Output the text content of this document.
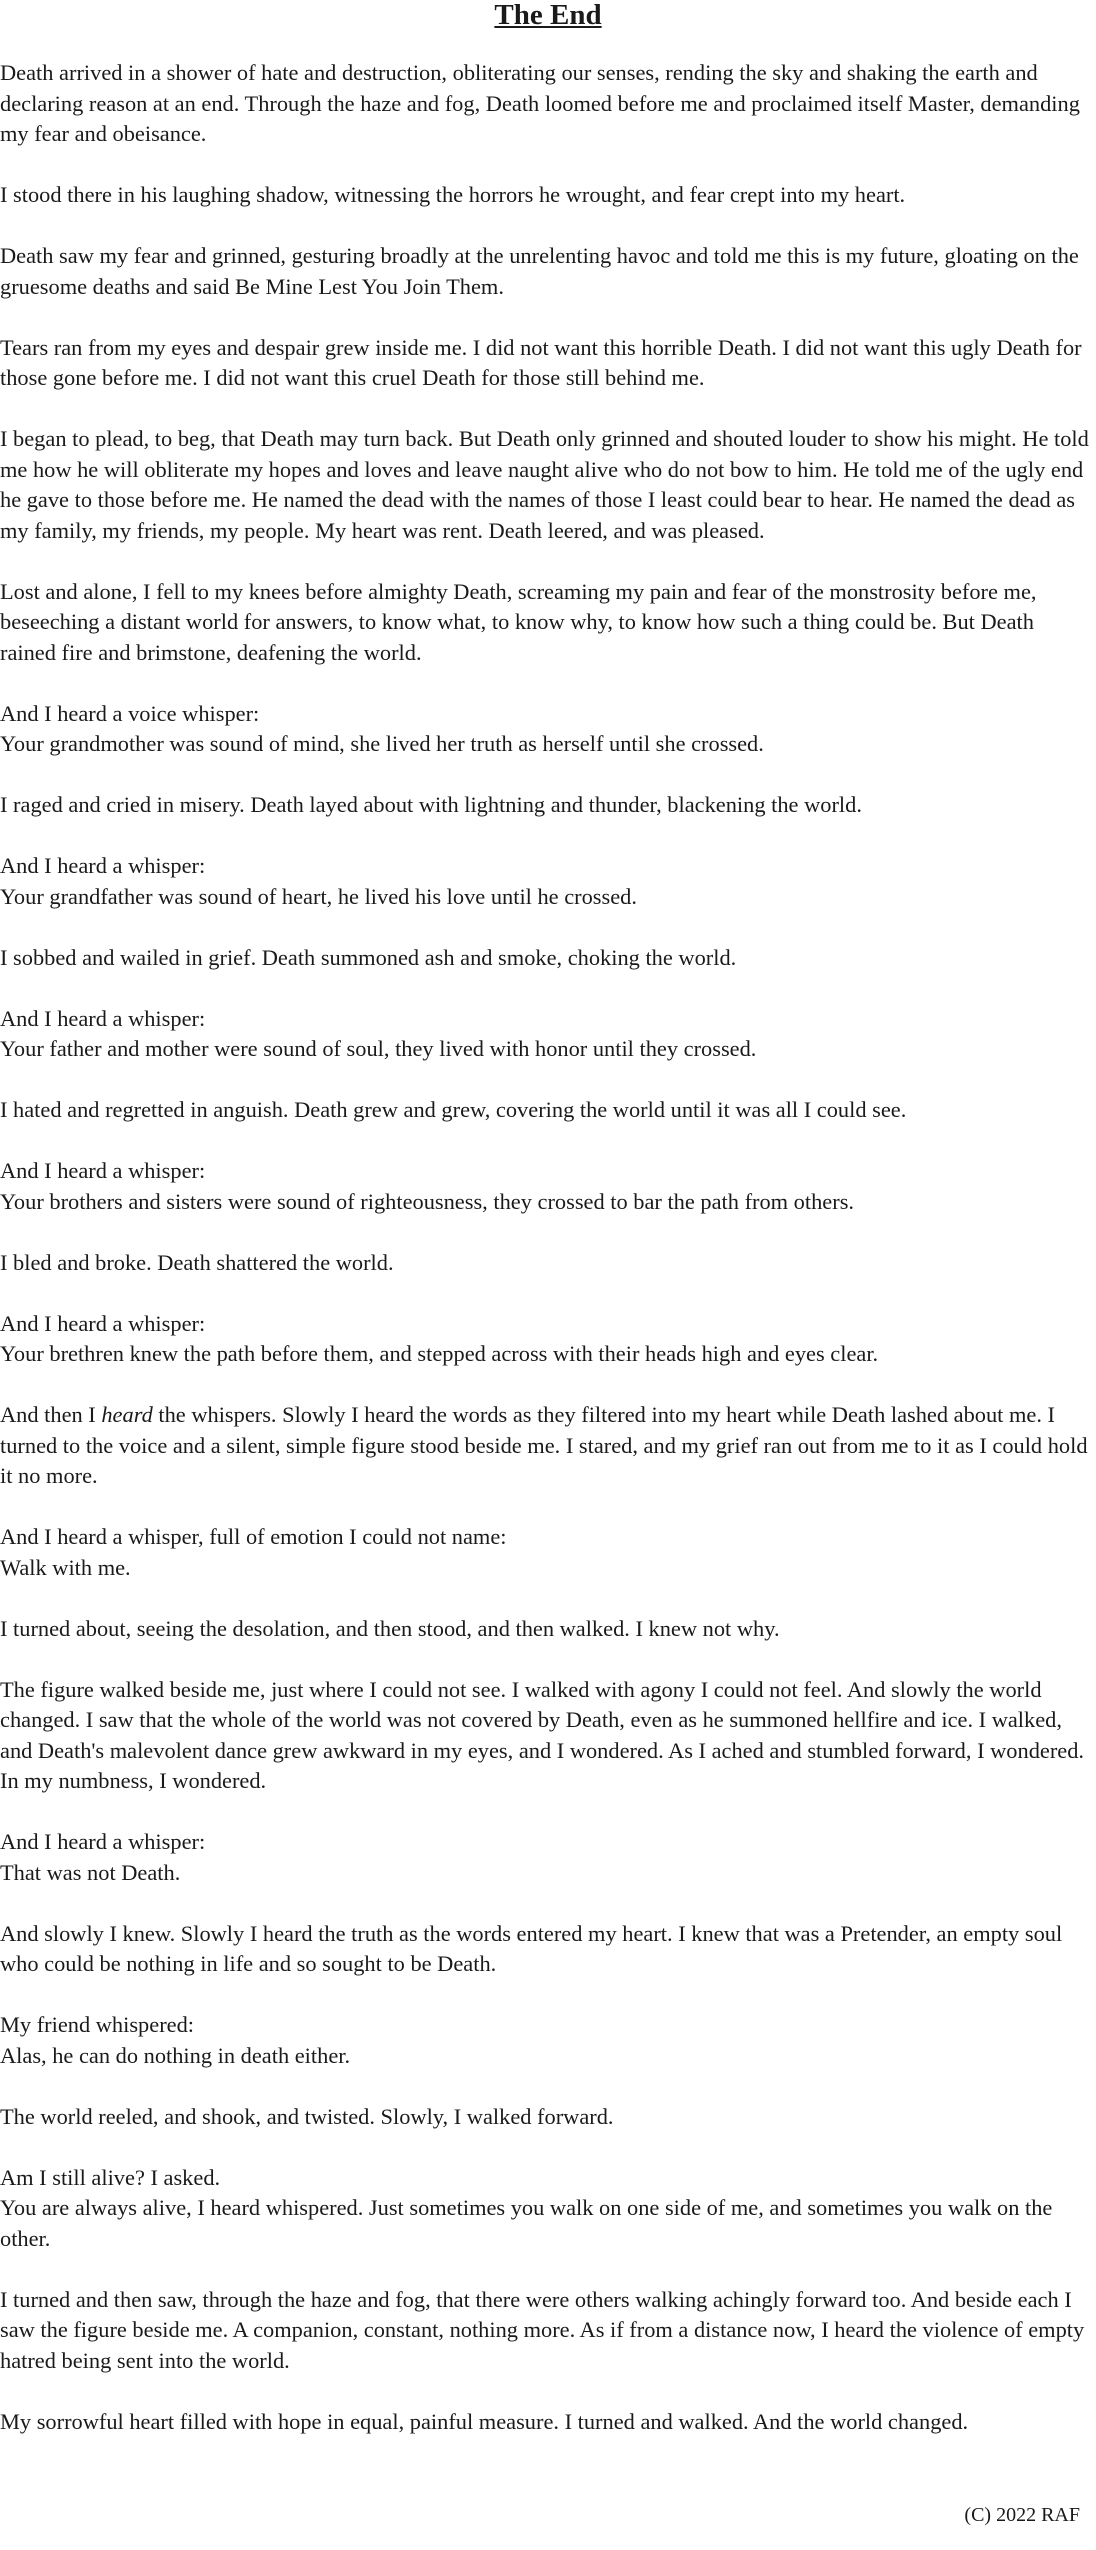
The End

Death arrived in a shower of hate and destruction, obliterating our senses, rending the sky and shaking the earth and declaring reason at an end. Through the haze and fog, Death loomed before me and proclaimed itself Master, demanding my fear and obeisance.

I stood there in his laughing shadow, witnessing the horrors he wrought, and fear crept into my heart.

Death saw my fear and grinned, gesturing broadly at the unrelenting havoc and told me this is my future, gloating on the gruesome deaths and said Be Mine Lest You Join Them.

Tears ran from my eyes and despair grew inside me. I did not want this horrible Death. I did not want this ugly Death for those gone before me. I did not want this cruel Death for those still behind me.

I began to plead, to beg, that Death may turn back. But Death only grinned and shouted louder to show his might. He told me how he will obliterate my hopes and loves and leave naught alive who do not bow to him. He told me of the ugly end he gave to those before me. He named the dead with the names of those I least could bear to hear. He named the dead as my family, my friends, my people. My heart was rent. Death leered, and was pleased.

Lost and alone, I fell to my knees before almighty Death, screaming my pain and fear of the monstrosity before me, beseeching a distant world for answers, to know what, to know why, to know how such a thing could be. But Death rained fire and brimstone, deafening the world.

And I heard a voice whisper:
Your grandmother was sound of mind, she lived her truth as herself until she crossed.

I raged and cried in misery. Death layed about with lightning and thunder, blackening the world.

And I heard a whisper:
Your grandfather was sound of heart, he lived his love until he crossed.

I sobbed and wailed in grief. Death summoned ash and smoke, choking the world.

And I heard a whisper:
Your father and mother were sound of soul, they lived with honor until they crossed.

I hated and regretted in anguish. Death grew and grew, covering the world until it was all I could see.

And I heard a whisper:
Your brothers and sisters were sound of righteousness, they crossed to bar the path from others.

I bled and broke. Death shattered the world.

And I heard a whisper:
Your brethren knew the path before them, and stepped across with their heads high and eyes clear.

And then I heard the whispers. Slowly I heard the words as they filtered into my heart while Death lashed about me. I turned to the voice and a silent, simple figure stood beside me. I stared, and my grief ran out from me to it as I could hold it no more.

And I heard a whisper, full of emotion I could not name:
Walk with me.

I turned about, seeing the desolation, and then stood, and then walked. I knew not why.

The figure walked beside me, just where I could not see. I walked with agony I could not feel. And slowly the world changed. I saw that the whole of the world was not covered by Death, even as he summoned hellfire and ice. I walked, and Death's malevolent dance grew awkward in my eyes, and I wondered. As I ached and stumbled forward, I wondered. In my numbness, I wondered.

And I heard a whisper:
That was not Death.

And slowly I knew. Slowly I heard the truth as the words entered my heart. I knew that was a Pretender, an empty soul who could be nothing in life and so sought to be Death.

My friend whispered:
Alas, he can do nothing in death either.

The world reeled, and shook, and twisted. Slowly, I walked forward.

Am I still alive? I asked.
You are always alive, I heard whispered. Just sometimes you walk on one side of me, and sometimes you walk on the other.

I turned and then saw, through the haze and fog, that there were others walking achingly forward too. And beside each I saw the figure beside me. A companion, constant, nothing more. As if from a distance now, I heard the violence of empty hatred being sent into the world.

My sorrowful heart filled with hope in equal, painful measure. I turned and walked. And the world changed.

(C) 2022 RAF
